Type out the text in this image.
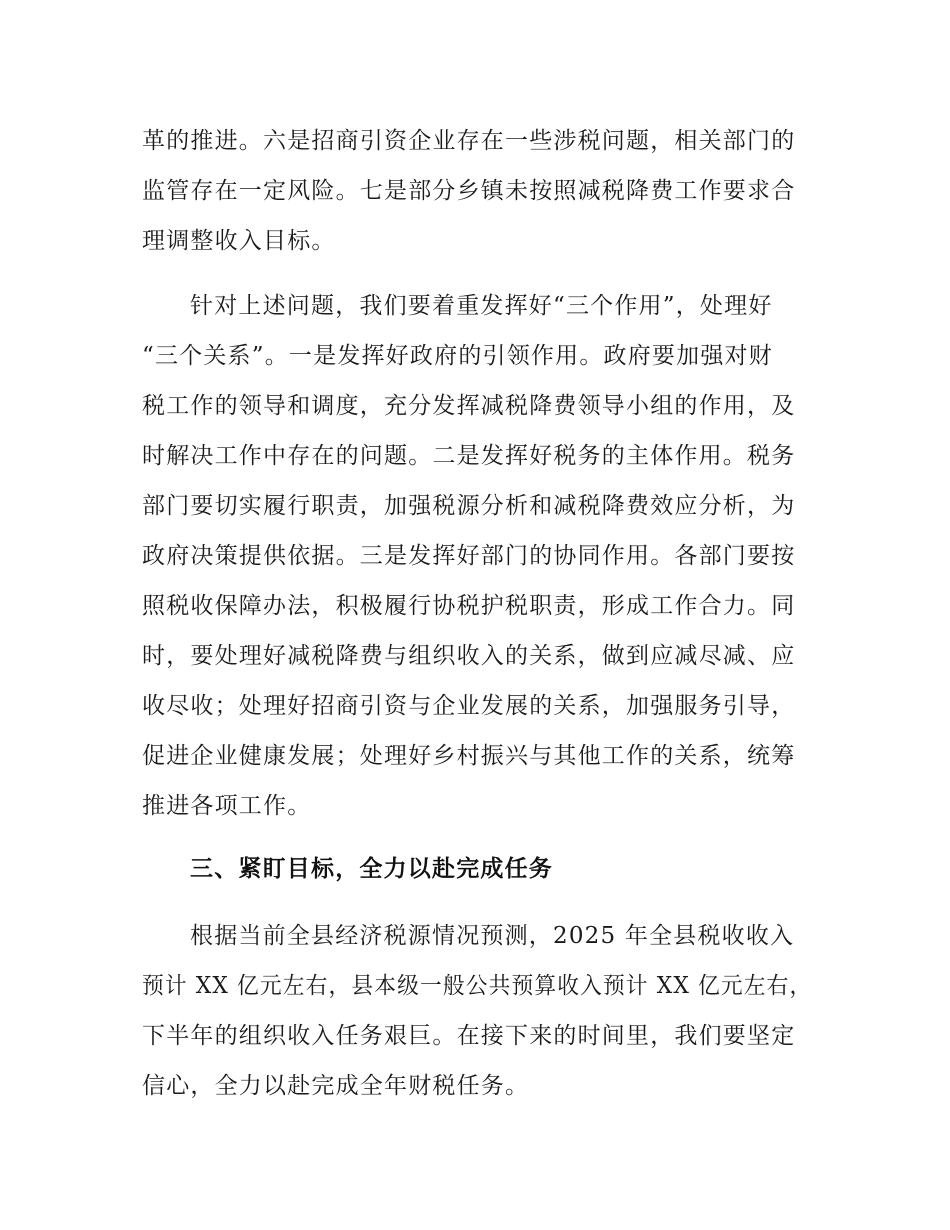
革的推进。六是招商引资企业存在一些涉税问题，相关部门的
监管存在一定风险。七是部分乡镇未按照减税降费工作要求合
理调整收入目标。
针对上述问题，我们要着重发挥好“三个作用”，处理好
“三个关系”。一是发挥好政府的引领作用。政府要加强对财
税工作的领导和调度，充分发挥减税降费领导小组的作用，及
时解决工作中存在的问题。二是发挥好税务的主体作用。税务
部门要切实履行职责，加强税源分析和减税降费效应分析，为
政府决策提供依据。三是发挥好部门的协同作用。各部门要按
照税收保障办法，积极履行协税护税职责，形成工作合力。同
时，要处理好减税降费与组织收入的关系，做到应减尽减、应
收尽收；处理好招商引资与企业发展的关系，加强服务引导，
促进企业健康发展；处理好乡村振兴与其他工作的关系，统筹
推进各项工作。
三、紧盯目标，全力以赴完成任务
根据当前全县经济税源情况预测，2025 年全县税收收入
预计 XX 亿元左右，县本级一般公共预算收入预计 XX 亿元左右，
下半年的组织收入任务艰巨。在接下来的时间里，我们要坚定
信心，全力以赴完成全年财税任务。
